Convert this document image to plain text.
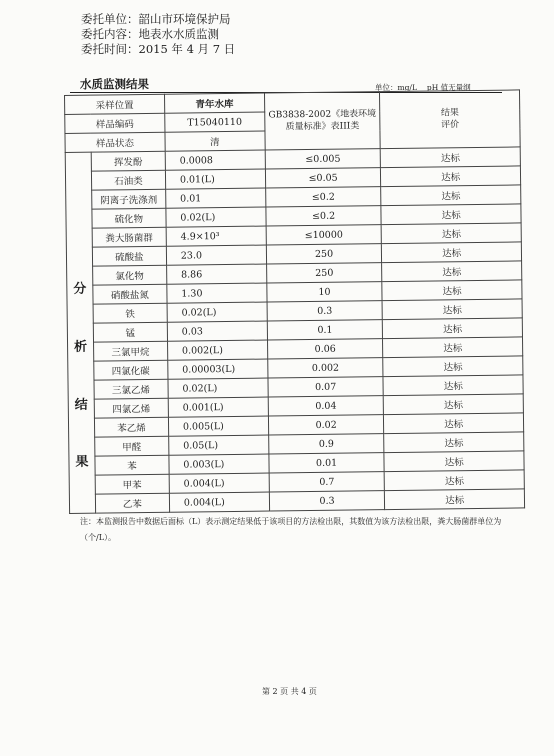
委托单位：韶山市环境保护局
委托内容：地表水水质监测
委托时间：2015 年 4 月 7 日
水质监测结果	单位：mg/L pH 值无量纲
采样位置		青年水库	GB3838-2002《地表环境质量标准》表III类	结果评价

样品编码		T15040110		
样品状态		清		

分
析
结
果	挥发酚	0.0008	≤0.005	达标
	石油类	0.01(L)	≤0.05	达标
	阴离子洗涤剂	0.01	≤0.2	达标
	硫化物	0.02(L)	≤0.2	达标
	粪大肠菌群	4.9×10³	≤10000	达标
	硫酸盐	23.0	250	达标
	氯化物	8.86	250	达标
	硝酸盐氮	1.30	10	达标
	铁	0.02(L)	0.3	达标
	锰	0.03	0.1	达标
	三氯甲烷	0.002(L)	0.06	达标
	四氯化碳	0.00003(L)	0.002	达标
	三氯乙烯	0.02(L)	0.07	达标
	四氯乙烯	0.001(L)	0.04	达标
	苯乙烯	0.005(L)	0.02	达标
	甲醛	0.05(L)	0.9	达标
	苯	0.003(L)	0.01	达标
	甲苯	0.004(L)	0.7	达标
	乙苯	0.004(L)	0.3	达标
注：本监测报告中数据后面标（L）表示测定结果低于该项目的方法检出限，其数值为该方法检出限，粪大肠菌群单位为（个/L）。
第 2 页 共 4 页
